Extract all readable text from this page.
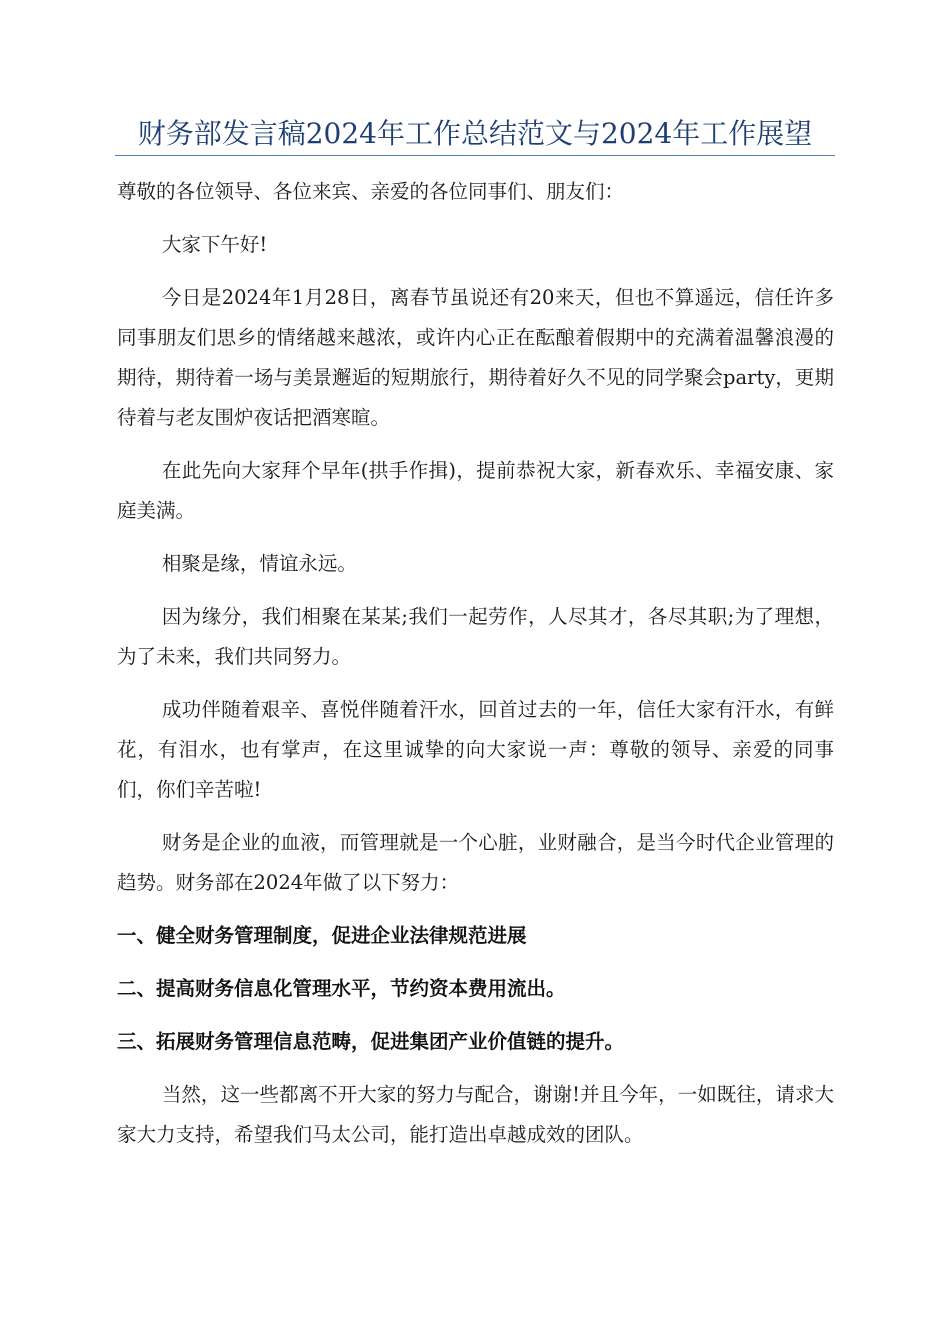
财务部发言稿2024年工作总结范文与2024年工作展望

尊敬的各位领导、各位来宾、亲爱的各位同事们、朋友们：

大家下午好!

今日是2024年1月28日，离春节虽说还有20来天，但也不算遥远，信任许多同事朋友们思乡的情绪越来越浓，或许内心正在酝酿着假期中的充满着温馨浪漫的期待，期待着一场与美景邂逅的短期旅行，期待着好久不见的同学聚会party，更期待着与老友围炉夜话把酒寒暄。

在此先向大家拜个早年(拱手作揖)，提前恭祝大家，新春欢乐、幸福安康、家庭美满。

相聚是缘，情谊永远。

因为缘分，我们相聚在某某;我们一起劳作，人尽其才，各尽其职;为了理想，为了未来，我们共同努力。

成功伴随着艰辛、喜悦伴随着汗水，回首过去的一年，信任大家有汗水，有鲜花，有泪水，也有掌声，在这里诚挚的向大家说一声：尊敬的领导、亲爱的同事们，你们辛苦啦!

财务是企业的血液，而管理就是一个心脏，业财融合，是当今时代企业管理的趋势。财务部在2024年做了以下努力：

一、健全财务管理制度，促进企业法律规范进展

二、提高财务信息化管理水平，节约资本费用流出。

三、拓展财务管理信息范畴，促进集团产业价值链的提升。

当然，这一些都离不开大家的努力与配合，谢谢!并且今年，一如既往，请求大家大力支持，希望我们马太公司，能打造出卓越成效的团队。
